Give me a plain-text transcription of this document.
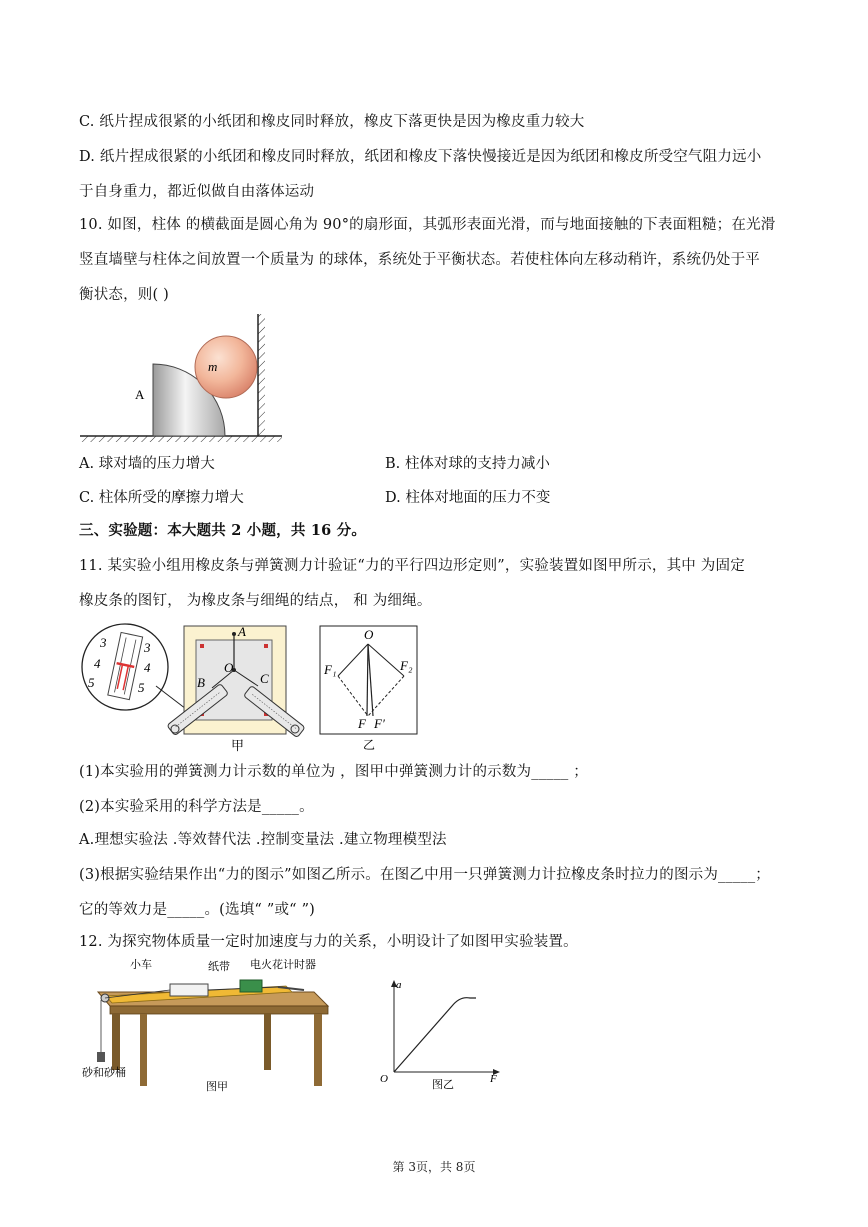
C. 纸片捏成很紧的小纸团和橡皮同时释放，橡皮下落更快是因为橡皮重力较大
D. 纸片捏成很紧的小纸团和橡皮同时释放，纸团和橡皮下落快慢接近是因为纸团和橡皮所受空气阻力远小
于自身重力，都近似做自由落体运动
10. 如图，柱体 的横截面是圆心角为 90°的扇形面，其弧形表面光滑，而与地面接触的下表面粗糙；在光滑
竖直墙壁与柱体之间放置一个质量为 的球体，系统处于平衡状态。若使柱体向左移动稍许，系统仍处于平
衡状态，则( )
A
m
A. 球对墙的压力增大	B. 柱体对球的支持力减小
C. 柱体所受的摩擦力增大	D. 柱体对地面的压力不变
三、实验题：本大题共 2 小题，共 16 分。
11. 某实验小组用橡皮条与弹簧测力计验证“力的平行四边形定则”，实验装置如图甲所示，其中 为固定
橡皮条的图钉， 为橡皮条与细绳的结点， 和 为细绳。
3	3
4	4
5	5
A
O
B	C
甲
O
F₁	F₂
F F′
乙
(1)本实验用的弹簧测力计示数的单位为 ，图甲中弹簧测力计的示数为_____ ；
(2)本实验采用的科学方法是_____。
A.理想实验法 .等效替代法 .控制变量法 .建立物理模型法
(3)根据实验结果作出“力的图示”如图乙所示。在图乙中用一只弹簧测力计拉橡皮条时拉力的图示为_____；
它的等效力是_____。(选填“ ”或“ ”)
12. 为探究物体质量一定时加速度与力的关系，小明设计了如图甲实验装置。
小车	纸带 电火花计时器
砂和砂桶
图甲
a
O	F
图乙
第 3页，共 8页
